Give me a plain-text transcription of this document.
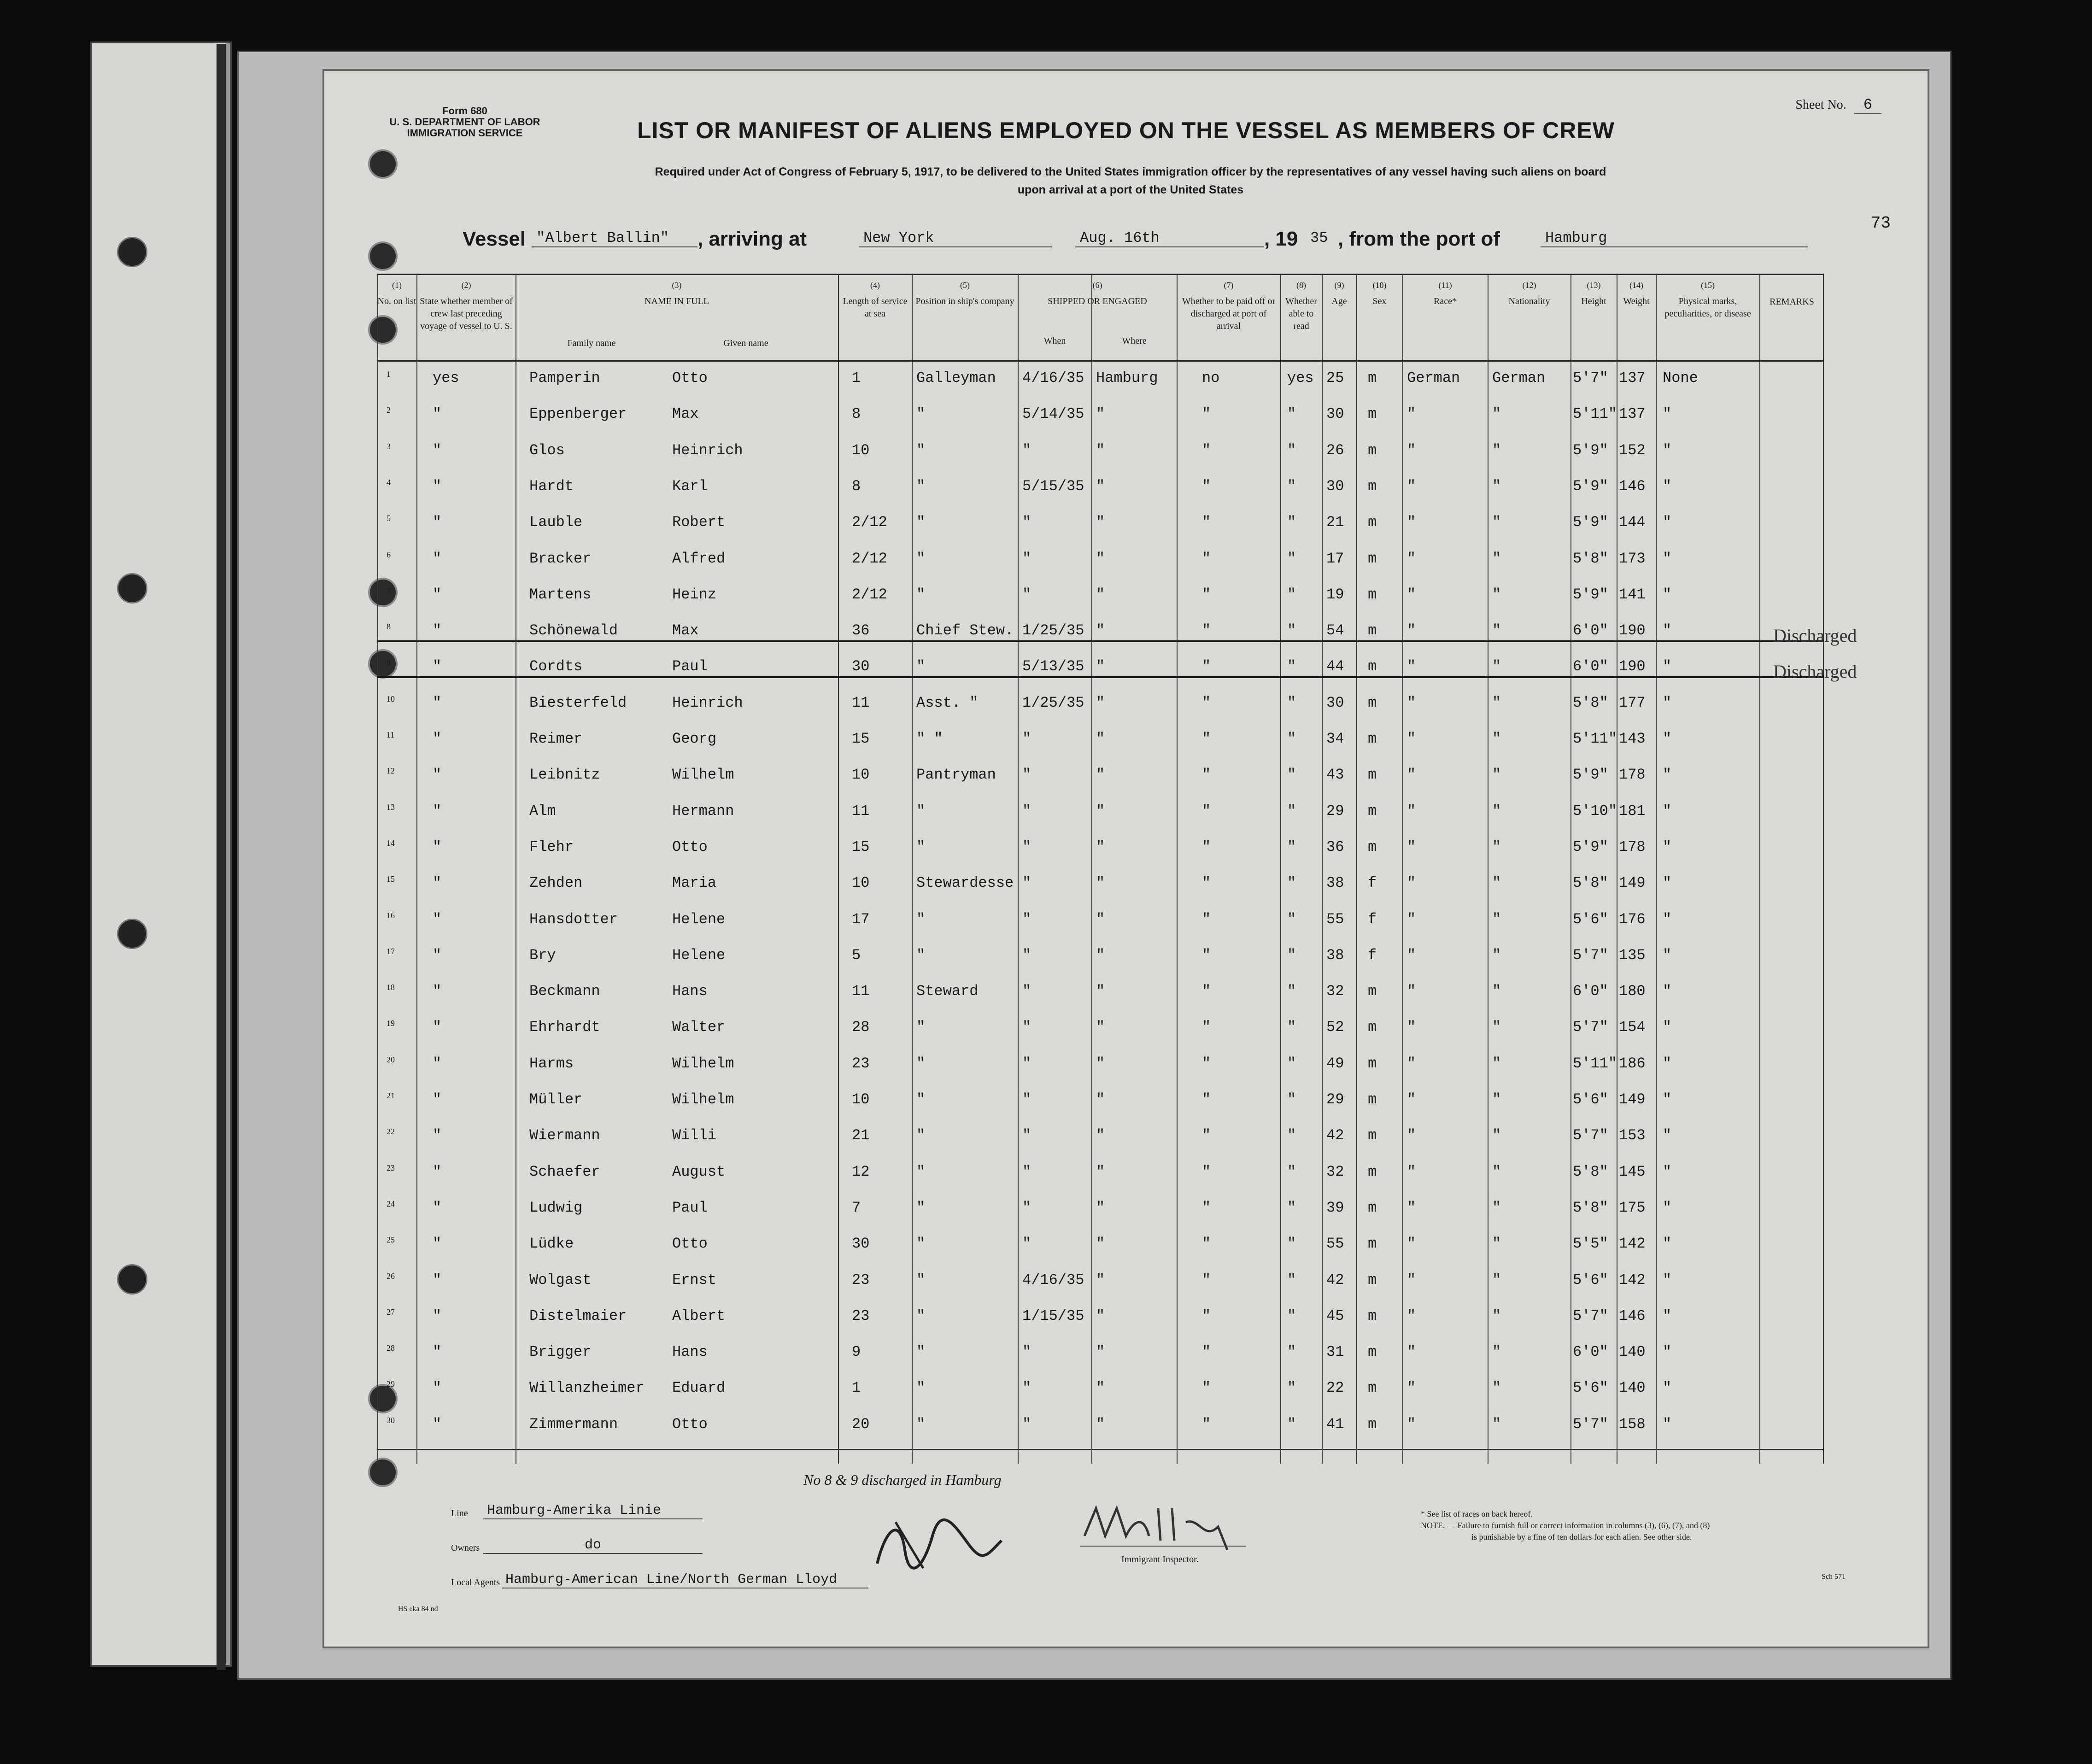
Form 680
U. S. DEPARTMENT OF LABOR
IMMIGRATION SERVICE
Sheet No. 6
LIST OR MANIFEST OF ALIENS EMPLOYED ON THE VESSEL AS MEMBERS OF CREW
Required under Act of Congress of February 5, 1917, to be delivered to the United States immigration officer by the representatives of any vessel having such aliens on board
upon arrival at a port of the United States
73
Vessel "Albert Ballin"	, arriving at	New York	Aug. 16th	, 19 35 , from the port of	Hamburg
(1)
No. on list
(2)
State whether member of crew last preceding voyage of vessel to U. S.
(3)
NAME IN FULL
Family name	Given name
(4)
Length of service at sea
(5)
Position in ship's company
(6)
SHIPPED OR ENGAGED
When	Where
(7)
Whether to be paid off or discharged at port of arrival
(8)
Whether able to read
(9)
Age
(10)
Sex
(11)
Race*
(12)
Nationality
(13)
Height
(14)
Weight
(15)
Physical marks, peculiarities, or disease
REMARKS
1	yes	Pamperin	Otto	1	Galleyman	4/16/35 Hamburg	no	yes 25	m	German	German	5'7" 137	None
2	"	Eppenberger	Max	8	"	5/14/35 "	"	"	30	m	"	"	5'11" 137	"
3	"	Glos	Heinrich	10	"	"	"	"	"	26	m	"	"	5'9" 152	"
4	"	Hardt	Karl	8	"	5/15/35 "	"	"	30	m	"	"	5'9" 146	"
5	"	Lauble	Robert	2/12	"	"	"	"	"	21	m	"	"	5'9" 144	"
6	"	Bracker	Alfred	2/12	"	"	"	"	"	17	m	"	"	5'8" 173	"
7	"	Martens	Heinz	2/12	"	"	"	"	"	19	m	"	"	5'9" 141	"
8	"	Schönewald	Max	36	Chief Stew. 1/25/35 "	"	"	54	m	"	"	6'0" 190	"	Discharged
9	"	Cordts	Paul	30	"	5/13/35 "	"	"	44	m	"	"	6'0" 190	"	Discharged
10	"	Biesterfeld	Heinrich	11	Asst. "	1/25/35 "	"	"	30	m	"	"	5'8" 177	"
11	"	Reimer	Georg	15	" "	"	"	"	"	34	m	"	"	5'11" 143	"
12	"	Leibnitz	Wilhelm	10	Pantryman	"	"	"	"	43	m	"	"	5'9" 178	"
13	"	Alm	Hermann	11	"	"	"	"	"	29	m	"	"	5'10" 181	"
14	"	Flehr	Otto	15	"	"	"	"	"	36	m	"	"	5'9" 178	"
15	"	Zehden	Maria	10	Stewardesse "	"	"	"	38	f	"	"	5'8" 149	"
16	"	Hansdotter	Helene	17	"	"	"	"	"	55	f	"	"	5'6" 176	"
17	"	Bry	Helene	5	"	"	"	"	"	38	f	"	"	5'7" 135	"
18	"	Beckmann	Hans	11	Steward	"	"	"	"	32	m	"	"	6'0" 180	"
19	"	Ehrhardt	Walter	28	"	"	"	"	"	52	m	"	"	5'7" 154	"
20	"	Harms	Wilhelm	23	"	"	"	"	"	49	m	"	"	5'11" 186	"
21	"	Müller	Wilhelm	10	"	"	"	"	"	29	m	"	"	5'6" 149	"
22	"	Wiermann	Willi	21	"	"	"	"	"	42	m	"	"	5'7" 153	"
23	"	Schaefer	August	12	"	"	"	"	"	32	m	"	"	5'8" 145	"
24	"	Ludwig	Paul	7	"	"	"	"	"	39	m	"	"	5'8" 175	"
25	"	Lüdke	Otto	30	"	"	"	"	"	55	m	"	"	5'5" 142	"
26	"	Wolgast	Ernst	23	"	4/16/35 "	"	"	42	m	"	"	5'6" 142	"
27	"	Distelmaier	Albert	23	"	1/15/35 "	"	"	45	m	"	"	5'7" 146	"
28	"	Brigger	Hans	9	"	"	"	"	"	31	m	"	"	6'0" 140	"
29	"	Willanzheimer	Eduard	1	"	"	"	"	"	22	m	"	"	5'6" 140	"
30	"	Zimmermann	Otto	20	"	"	"	"	"	41	m	"	"	5'7" 158	"
No 8 & 9 discharged in Hamburg
Line Hamburg-Amerika Linie
Owners	do
Local Agents Hamburg-American Line/North German Lloyd
Immigrant Inspector.
* See list of races on back hereof.
NOTE. — Failure to furnish full or correct information in columns (3), (6), (7), and (8)
is punishable by a fine of ten dollars for each alien. See other side.
Sch 571
HS eka 84 nd
